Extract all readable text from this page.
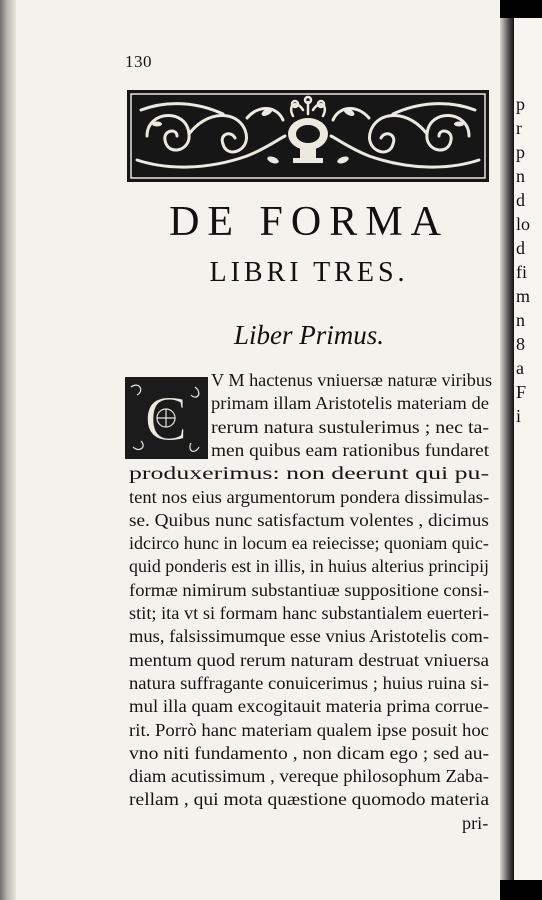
130
DE FORMA
LIBRI TRES.
Liber Primus.
C
V M hactenus vniuersæ naturæ viribus
primam illam Aristotelis materiam de
rerum natura sustulerimus ; nec ta-
men quibus eam rationibus fundaret
produxerimus: non deerunt qui pu-
tent nos eius argumentorum pondera dissimulas-
se. Quibus nunc satisfactum volentes , dicimus
idcirco hunc in locum ea reiecisse; quoniam quic-
quid ponderis est in illis, in huius alterius principij
formæ nimirum substantiuæ suppositione consi-
stit; ita vt si formam hanc substantialem euerteri-
mus, falsissimumque esse vnius Aristotelis com-
mentum quod rerum naturam destruat vniuersa
natura suffragante conuicerimus ; huius ruina si-
mul illa quam excogitauit materia prima corrue-
rit. Porrò hanc materiam qualem ipse posuit hoc
vno niti fundamento , non dicam ego ; sed au-
diam acutissimum , vereque philosophum Zaba-
rellam , qui mota quæstione quomodo materia
pri-
p
r
p
n
d
lo
d
fi
m
n
8
a
F
i
